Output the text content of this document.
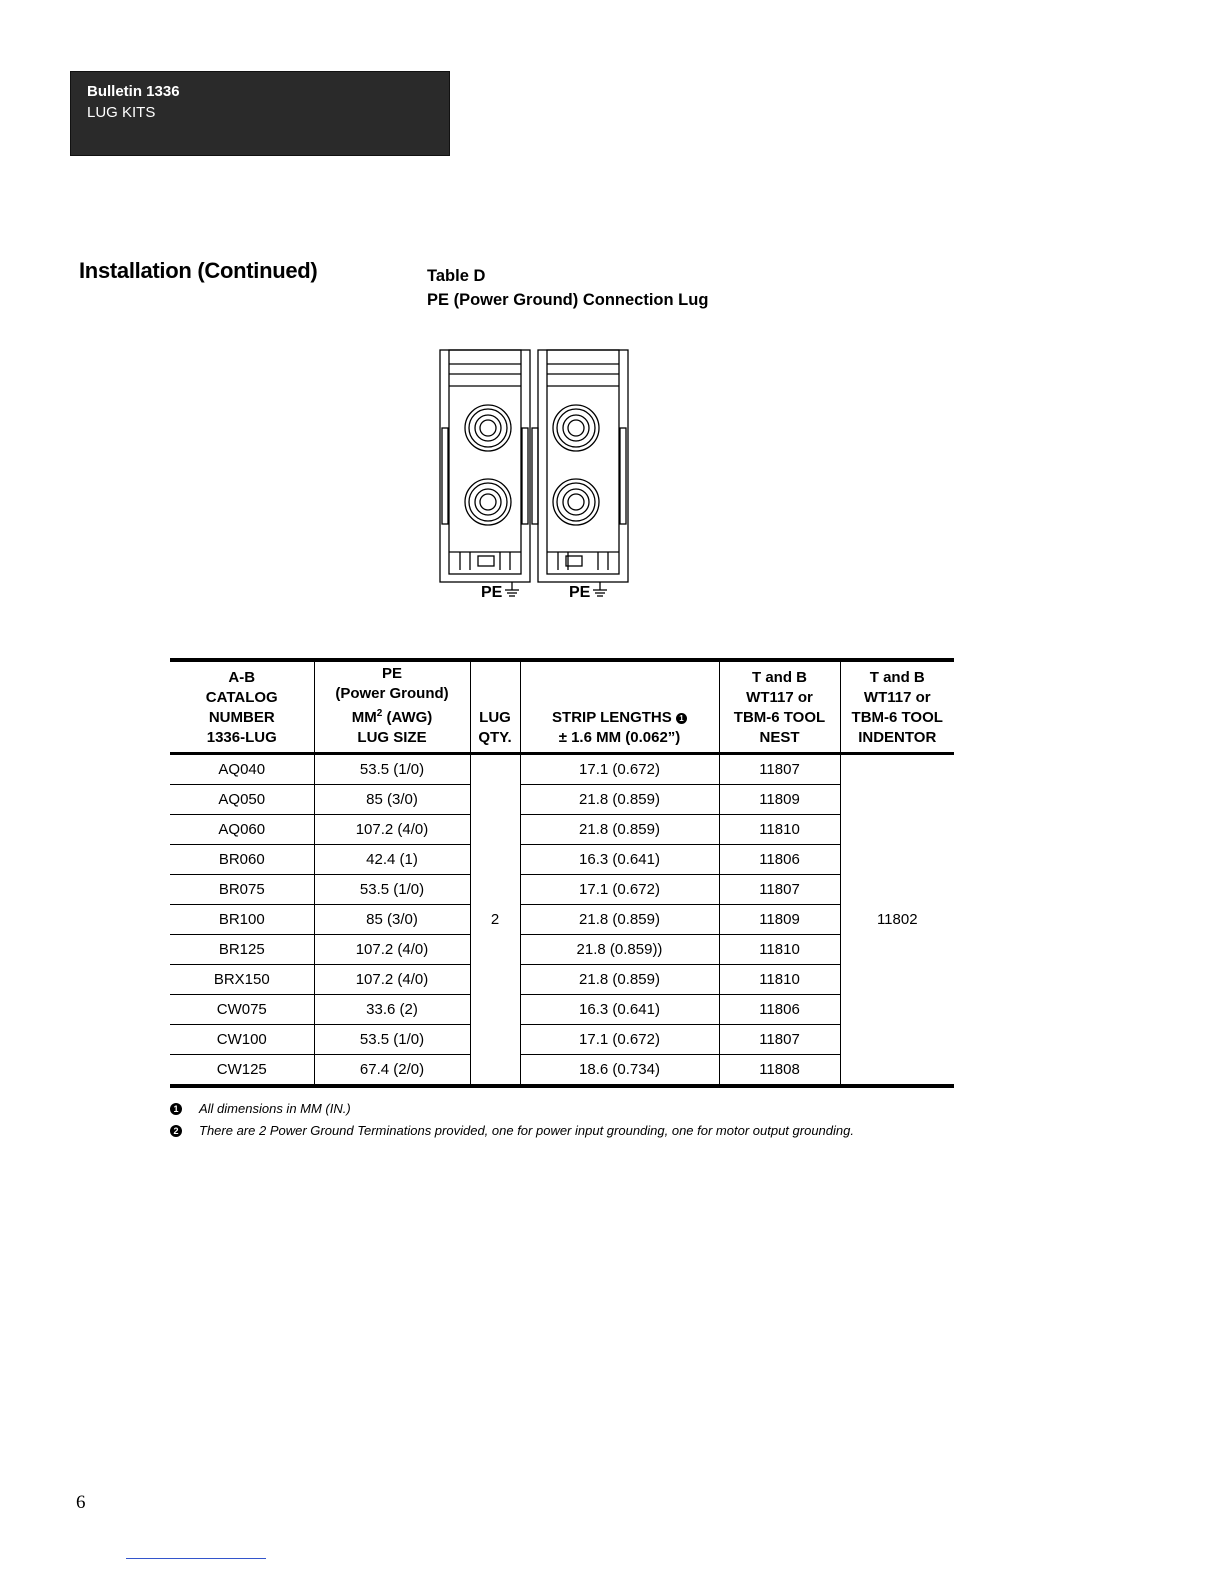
Bulletin 1336
LUG KITS
Installation (Continued)	Table D
PE (Power Ground) Connection Lug
PE	PE
A-B
CATALOG
NUMBER
1336-LUG	PE
(Power Ground)
$MM^2$ (AWG)
LUG SIZE	LUG
QTY.	STRIP LENGTHS 1
± 1.6 MM (0.062”)	T and B
WT117 or
TBM-6 TOOL
NEST	T and B
WT117 or
TBM-6 TOOL
INDENTOR
AQ040	53.5 (1/0)	2	17.1 (0.672)	11807	11802
AQ050	85 (3/0)		21.8 (0.859)	11809	
AQ060	107.2 (4/0)		21.8 (0.859)	11810	
BR060	42.4 (1)		16.3 (0.641)	11806	
BR075	53.5 (1/0)		17.1 (0.672)	11807	
BR100	85 (3/0)		21.8 (0.859)	11809	
BR125	107.2 (4/0)		21.8 (0.859))	11810	
BRX150	107.2 (4/0)		21.8 (0.859)	11810	
CW075	33.6 (2)		16.3 (0.641)	11806	
CW100	53.5 (1/0)		17.1 (0.672)	11807	
CW125	67.4 (2/0)		18.6 (0.734)	11808	
1 All dimensions in MM (IN.)
2 There are 2 Power Ground Terminations provided, one for power input grounding, one for motor output grounding.
6
